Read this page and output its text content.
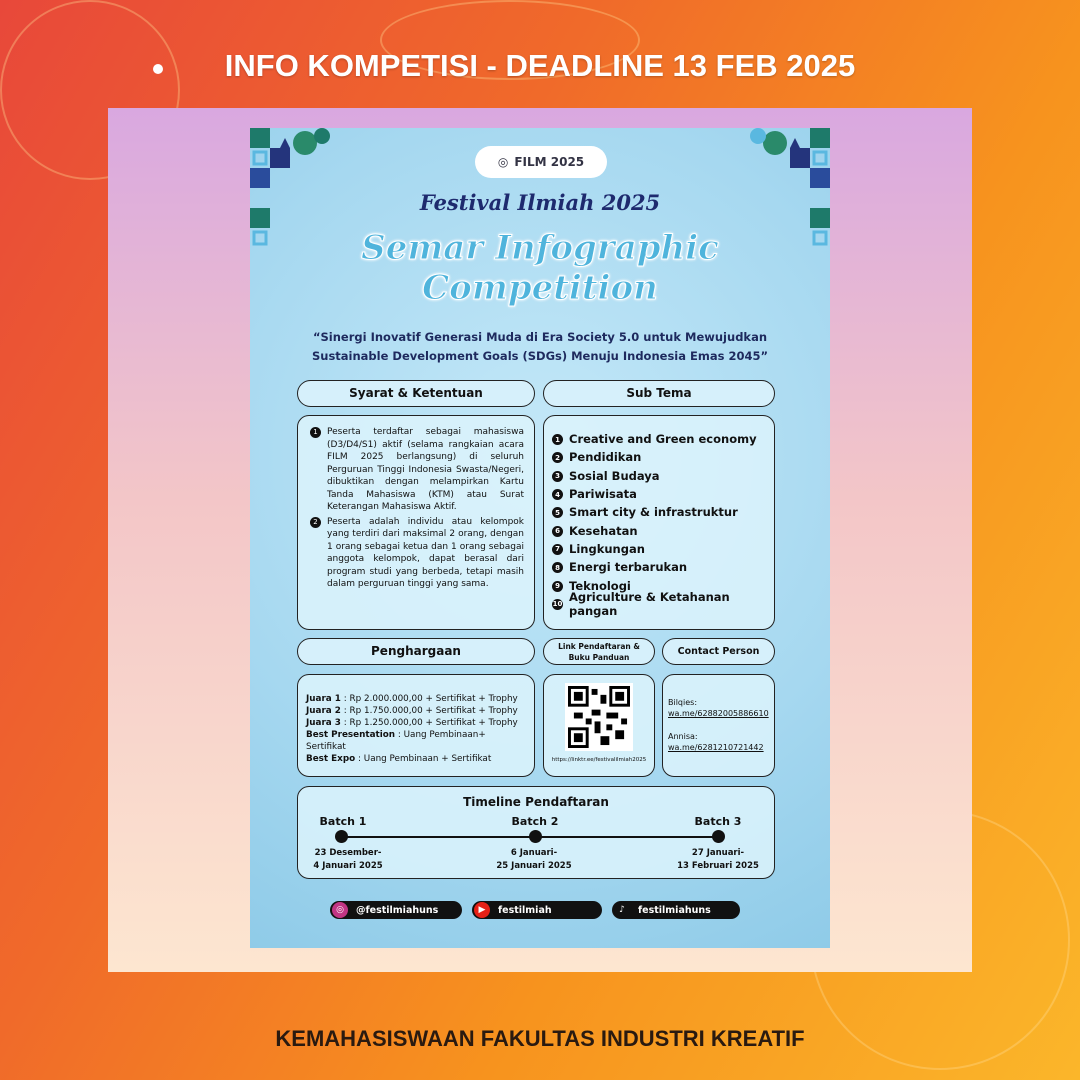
INFO KOMPETISI - DEADLINE 13 FEB 2025
◎ FILM 2025
Festival Ilmiah 2025
Semar Infographic
Competition
“Sinergi Inovatif Generasi Muda di Era Society 5.0 untuk Mewujudkan
Sustainable Development Goals (SDGs) Menuju Indonesia Emas 2045”
Syarat & Ketentuan	Sub Tema
1	Peserta terdaftar sebagai mahasiswa (D3/D4/S1) aktif (selama rangkaian acara FILM 2025 berlangsung) di seluruh Perguruan Tinggi Indonesia Swasta/Negeri, dibuktikan dengan melampirkan Kartu Tanda Mahasiswa (KTM) atau Surat Keterangan Mahasiswa Aktif.
2	Peserta adalah individu atau kelompok yang terdiri dari maksimal 2 orang, dengan 1 orang sebagai ketua dan 1 orang sebagai anggota kelompok, dapat berasal dari program studi yang berbeda, tetapi masih dalam perguruan tinggi yang sama.
1 Creative and Green economy
2 Pendidikan
3 Sosial Budaya
4 Pariwisata
5 Smart city & infrastruktur
6 Kesehatan
7 Lingkungan
8 Energi terbarukan
9 Teknologi
10
Agriculture & Ketahanan pangan
Penghargaan	Link Pendaftaran & Buku Panduan	Contact Person
Juara 1 : Rp 2.000.000,00 + Sertifikat + Trophy
Juara 2 : Rp 1.750.000,00 + Sertifikat + Trophy
Juara 3 : Rp 1.250.000,00 + Sertifikat + Trophy
Best Presentation : Uang Pembinaan+ Sertifikat
Best Expo : Uang Pembinaan + Sertifikat	https://linktr.ee/festivalilmiah2025
Bilqies:
wa.me/62882005886610
Annisa:
wa.me/6281210721442
Timeline Pendaftaran
Batch 1	Batch 2	Batch 3
23 Desember-
4 Januari 2025
6 Januari-
25 Januari 2025
27 Januari-
13 Februari 2025
◎	@festilmiahuns	▶	festilmiah	♪	festilmiahuns
KEMAHASISWAAN FAKULTAS INDUSTRI KREATIF
